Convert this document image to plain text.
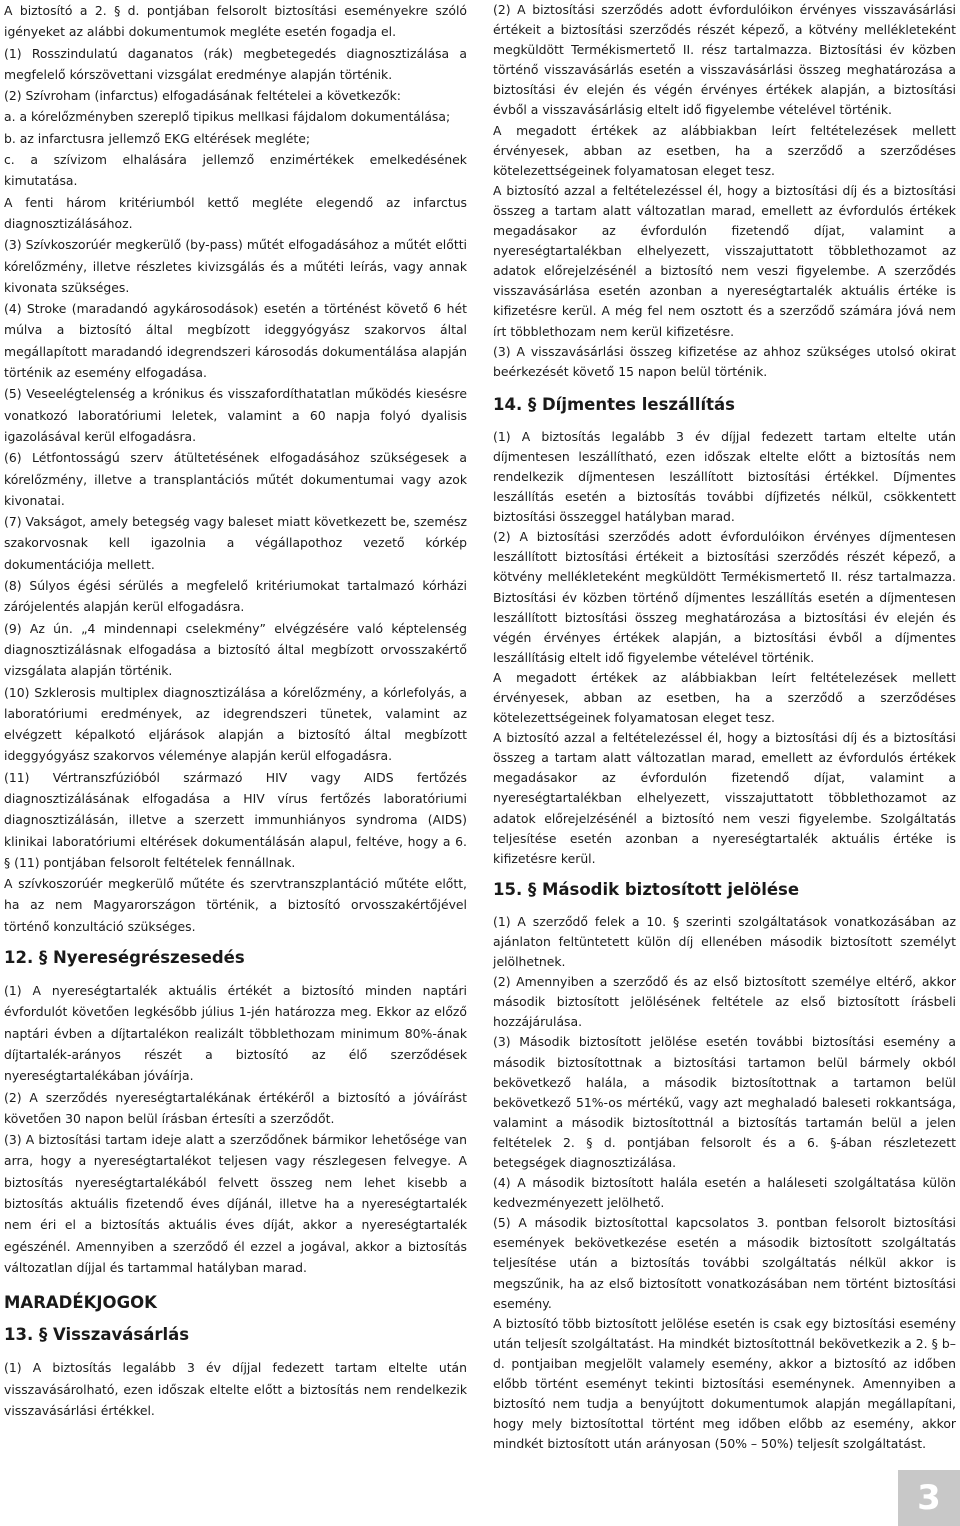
A biztosító a 2. § d. pontjában felsorolt biztosítási eseményekre szóló igényeket az alábbi dokumentumok megléte esetén fogadja el.

(1) Rosszindulatú daganatos (rák) megbetegedés diagnosztizálása a megfelelő kórszövettani vizsgálat eredménye alapján történik.

(2) Szívroham (infarctus) elfogadásának feltételei a következők:

a. a kórelőzményben szereplő tipikus mellkasi fájdalom dokumentálása;

b. az infarctusra jellemző EKG eltérések megléte;

c. a szívizom elhalására jellemző enzimértékek emelkedésének kimutatása.

A fenti három kritériumból kettő megléte elegendő az infarctus diagnosztizálásához.

(3) Szívkoszorúér megkerülő (by-pass) műtét elfogadásához a műtét előtti kórelőzmény, illetve részletes kivizsgálás és a műtéti leírás, vagy annak kivonata szükséges.

(4) Stroke (maradandó agykárosodások) esetén a történést követő 6 hét múlva a biztosító által megbízott ideggyógyász szakorvos által megállapított maradandó idegrendszeri károsodás dokumentálása alapján történik az esemény elfogadása.

(5) Veseelégtelenség a krónikus és visszafordíthatatlan működés kiesésre vonatkozó laboratóriumi leletek, valamint a 60 napja folyó dyalisis igazolásával kerül elfogadásra.

(6) Létfontosságú szerv átültetésének elfogadásához szükségesek a kórelőzmény, illetve a transplantációs műtét dokumentumai vagy azok kivonatai.

(7) Vakságot, amely betegség vagy baleset miatt következett be, szemész szakorvosnak kell igazolnia a végállapothoz vezető kórkép dokumentációja mellett.

(8) Súlyos égési sérülés a megfelelő kritériumokat tartalmazó kórházi zárójelentés alapján kerül elfogadásra.

(9) Az ún. „4 mindennapi cselekmény” elvégzésére való képtelenség diagnosztizálásnak elfogadása a biztosító által megbízott orvosszakértő vizsgálata alapján történik.

(10) Szklerosis multiplex diagnosztizálása a kórelőzmény, a kórlefolyás, a laboratóriumi eredmények, az idegrendszeri tünetek, valamint az elvégzett képalkotó eljárások alapján a biztosító által megbízott ideggyógyász szakorvos véleménye alapján kerül elfogadásra.

(11) Vértranszfúzióból származó HIV vagy AIDS fertőzés diagnosztizálásának elfogadása a HIV vírus fertőzés laboratóriumi diagnosztizálásán, illetve a szerzett immunhiányos syndroma (AIDS) klinikai laboratóriumi eltérések dokumentálásán alapul, feltéve, hogy a 6. § (11) pontjában felsorolt feltételek fennállnak.

A szívkoszorúér megkerülő műtéte és szervtranszplantáció műtéte előtt, ha az nem Magyarországon történik, a biztosító orvosszakértőjével történő konzultáció szükséges.

12. § Nyereségrészesedés

(1) A nyereségtartalék aktuális értékét a biztosító minden naptári évfordulót követően legkésőbb július 1-jén határozza meg. Ekkor az előző naptári évben a díjtartalékon realizált többlethozam minimum 80%-ának díjtartalék-arányos részét a biztosító az élő szerződések nyereségtartalékában jóváírja.

(2) A szerződés nyereségtartalékának értékéről a biztosító a jóváírást követően 30 napon belül írásban értesíti a szerződőt.

(3) A biztosítási tartam ideje alatt a szerződőnek bármikor lehetősége van arra, hogy a nyereségtartalékot teljesen vagy részlegesen felvegye. A biztosítás nyereségtartalékából felvett összeg nem lehet kisebb a biztosítás aktuális fizetendő éves díjánál, illetve ha a nyereségtartalék nem éri el a biztosítás aktuális éves díját, akkor a nyereségtartalék egészénél. Amennyiben a szerződő él ezzel a jogával, akkor a biztosítás változatlan díjjal és tartammal hatályban marad.

MARADÉKJOGOK
13. § Visszavásárlás

(1) A biztosítás legalább 3 év díjjal fedezett tartam eltelte után visszavásárolható, ezen időszak eltelte előtt a biztosítás nem rendelkezik visszavásárlási értékkel.

(2) A biztosítási szerződés adott évfordulóikon érvényes visszavásárlási értékeit a biztosítási szerződés részét képező, a kötvény mellékleteként megküldött Termékismertető II. rész tartalmazza. Biztosítási év közben történő visszavásárlás esetén a visszavásárlási összeg meghatározása a biztosítási év elején és végén érvényes értékek alapján, a biztosítási évből a visszavásárlásig eltelt idő figyelembe vételével történik.

A megadott értékek az alábbiakban leírt feltételezések mellett érvényesek, abban az esetben, ha a szerződő a szerződéses kötelezettségeinek folyamatosan eleget tesz.

A biztosító azzal a feltételezéssel él, hogy a biztosítási díj és a biztosítási összeg a tartam alatt változatlan marad, emellett az évfordulós értékek megadásakor az évfordulón fizetendő díjat, valamint a nyereségtartalékban elhelyezett, visszajuttatott többlethozamot az adatok előrejelzésénél a biztosító nem veszi figyelembe. A szerződés visszavásárlása esetén azonban a nyereségtartalék aktuális értéke is kifizetésre kerül. A még fel nem osztott és a szerződő számára jóvá nem írt többlethozam nem kerül kifizetésre.

(3) A visszavásárlási összeg kifizetése az ahhoz szükséges utolsó okirat beérkezését követő 15 napon belül történik.

14. § Díjmentes leszállítás

(1) A biztosítás legalább 3 év díjjal fedezett tartam eltelte után díjmentesen leszállítható, ezen időszak eltelte előtt a biztosítás nem rendelkezik díjmentesen leszállított biztosítási értékkel. Díjmentes leszállítás esetén a biztosítás további díjfizetés nélkül, csökkentett biztosítási összeggel hatályban marad.

(2) A biztosítási szerződés adott évfordulóikon érvényes díjmentesen leszállított biztosítási értékeit a biztosítási szerződés részét képező, a kötvény mellékleteként megküldött Termékismertető II. rész tartalmazza. Biztosítási év közben történő díjmentes leszállítás esetén a díjmentesen leszállított biztosítási összeg meghatározása a biztosítási év elején és végén érvényes értékek alapján, a biztosítási évből a díjmentes leszállításig eltelt idő figyelembe vételével történik.

A megadott értékek az alábbiakban leírt feltételezések mellett érvényesek, abban az esetben, ha a szerződő a szerződéses kötelezettségeinek folyamatosan eleget tesz.

A biztosító azzal a feltételezéssel él, hogy a biztosítási díj és a biztosítási összeg a tartam alatt változatlan marad, emellett az évfordulós értékek megadásakor az évfordulón fizetendő díjat, valamint a nyereségtartalékban elhelyezett, visszajuttatott többlethozamot az adatok előrejelzésénél a biztosító nem veszi figyelembe. Szolgáltatás teljesítése esetén azonban a nyereségtartalék aktuális értéke is kifizetésre kerül.

15. § Második biztosított jelölése

(1) A szerződő felek a 10. § szerinti szolgáltatások vonatkozásában az ajánlaton feltüntetett külön díj ellenében második biztosított személyt jelölhetnek.

(2) Amennyiben a szerződő és az első biztosított személye eltérő, akkor második biztosított jelölésének feltétele az első biztosított írásbeli hozzájárulása.

(3) Második biztosított jelölése esetén további biztosítási esemény a második biztosítottnak a biztosítási tartamon belül bármely okból bekövetkező halála, a második biztosítottnak a tartamon belül bekövetkező 51%-os mértékű, vagy azt meghaladó baleseti rokkantsága, valamint a második biztosítottnál a biztosítás tartamán belül a jelen feltételek 2. § d. pontjában felsorolt és a 6. §-ában részletezett betegségek diagnosztizálása.

(4) A második biztosított halála esetén a haláleseti szolgáltatása külön kedvezményezett jelölhető.

(5) A második biztosítottal kapcsolatos 3. pontban felsorolt biztosítási események bekövetkezése esetén a második biztosított szolgáltatás teljesítése után a biztosítás további szolgáltatás nélkül akkor is megszűnik, ha az első biztosított vonatkozásában nem történt biztosítási esemény.

A biztosító több biztosított jelölése esetén is csak egy biztosítási esemény után teljesít szolgáltatást. Ha mindkét biztosítottnál bekövetkezik a 2. § b–d. pontjaiban megjelölt valamely esemény, akkor a biztosító az időben előbb történt eseményt tekinti biztosítási eseménynek. Amennyiben a biztosító nem tudja a benyújtott dokumentumok alapján megállapítani, hogy mely biztosítottal történt meg időben előbb az esemény, akkor mindkét biztosított után arányosan (50% – 50%) teljesít szolgáltatást.

3
